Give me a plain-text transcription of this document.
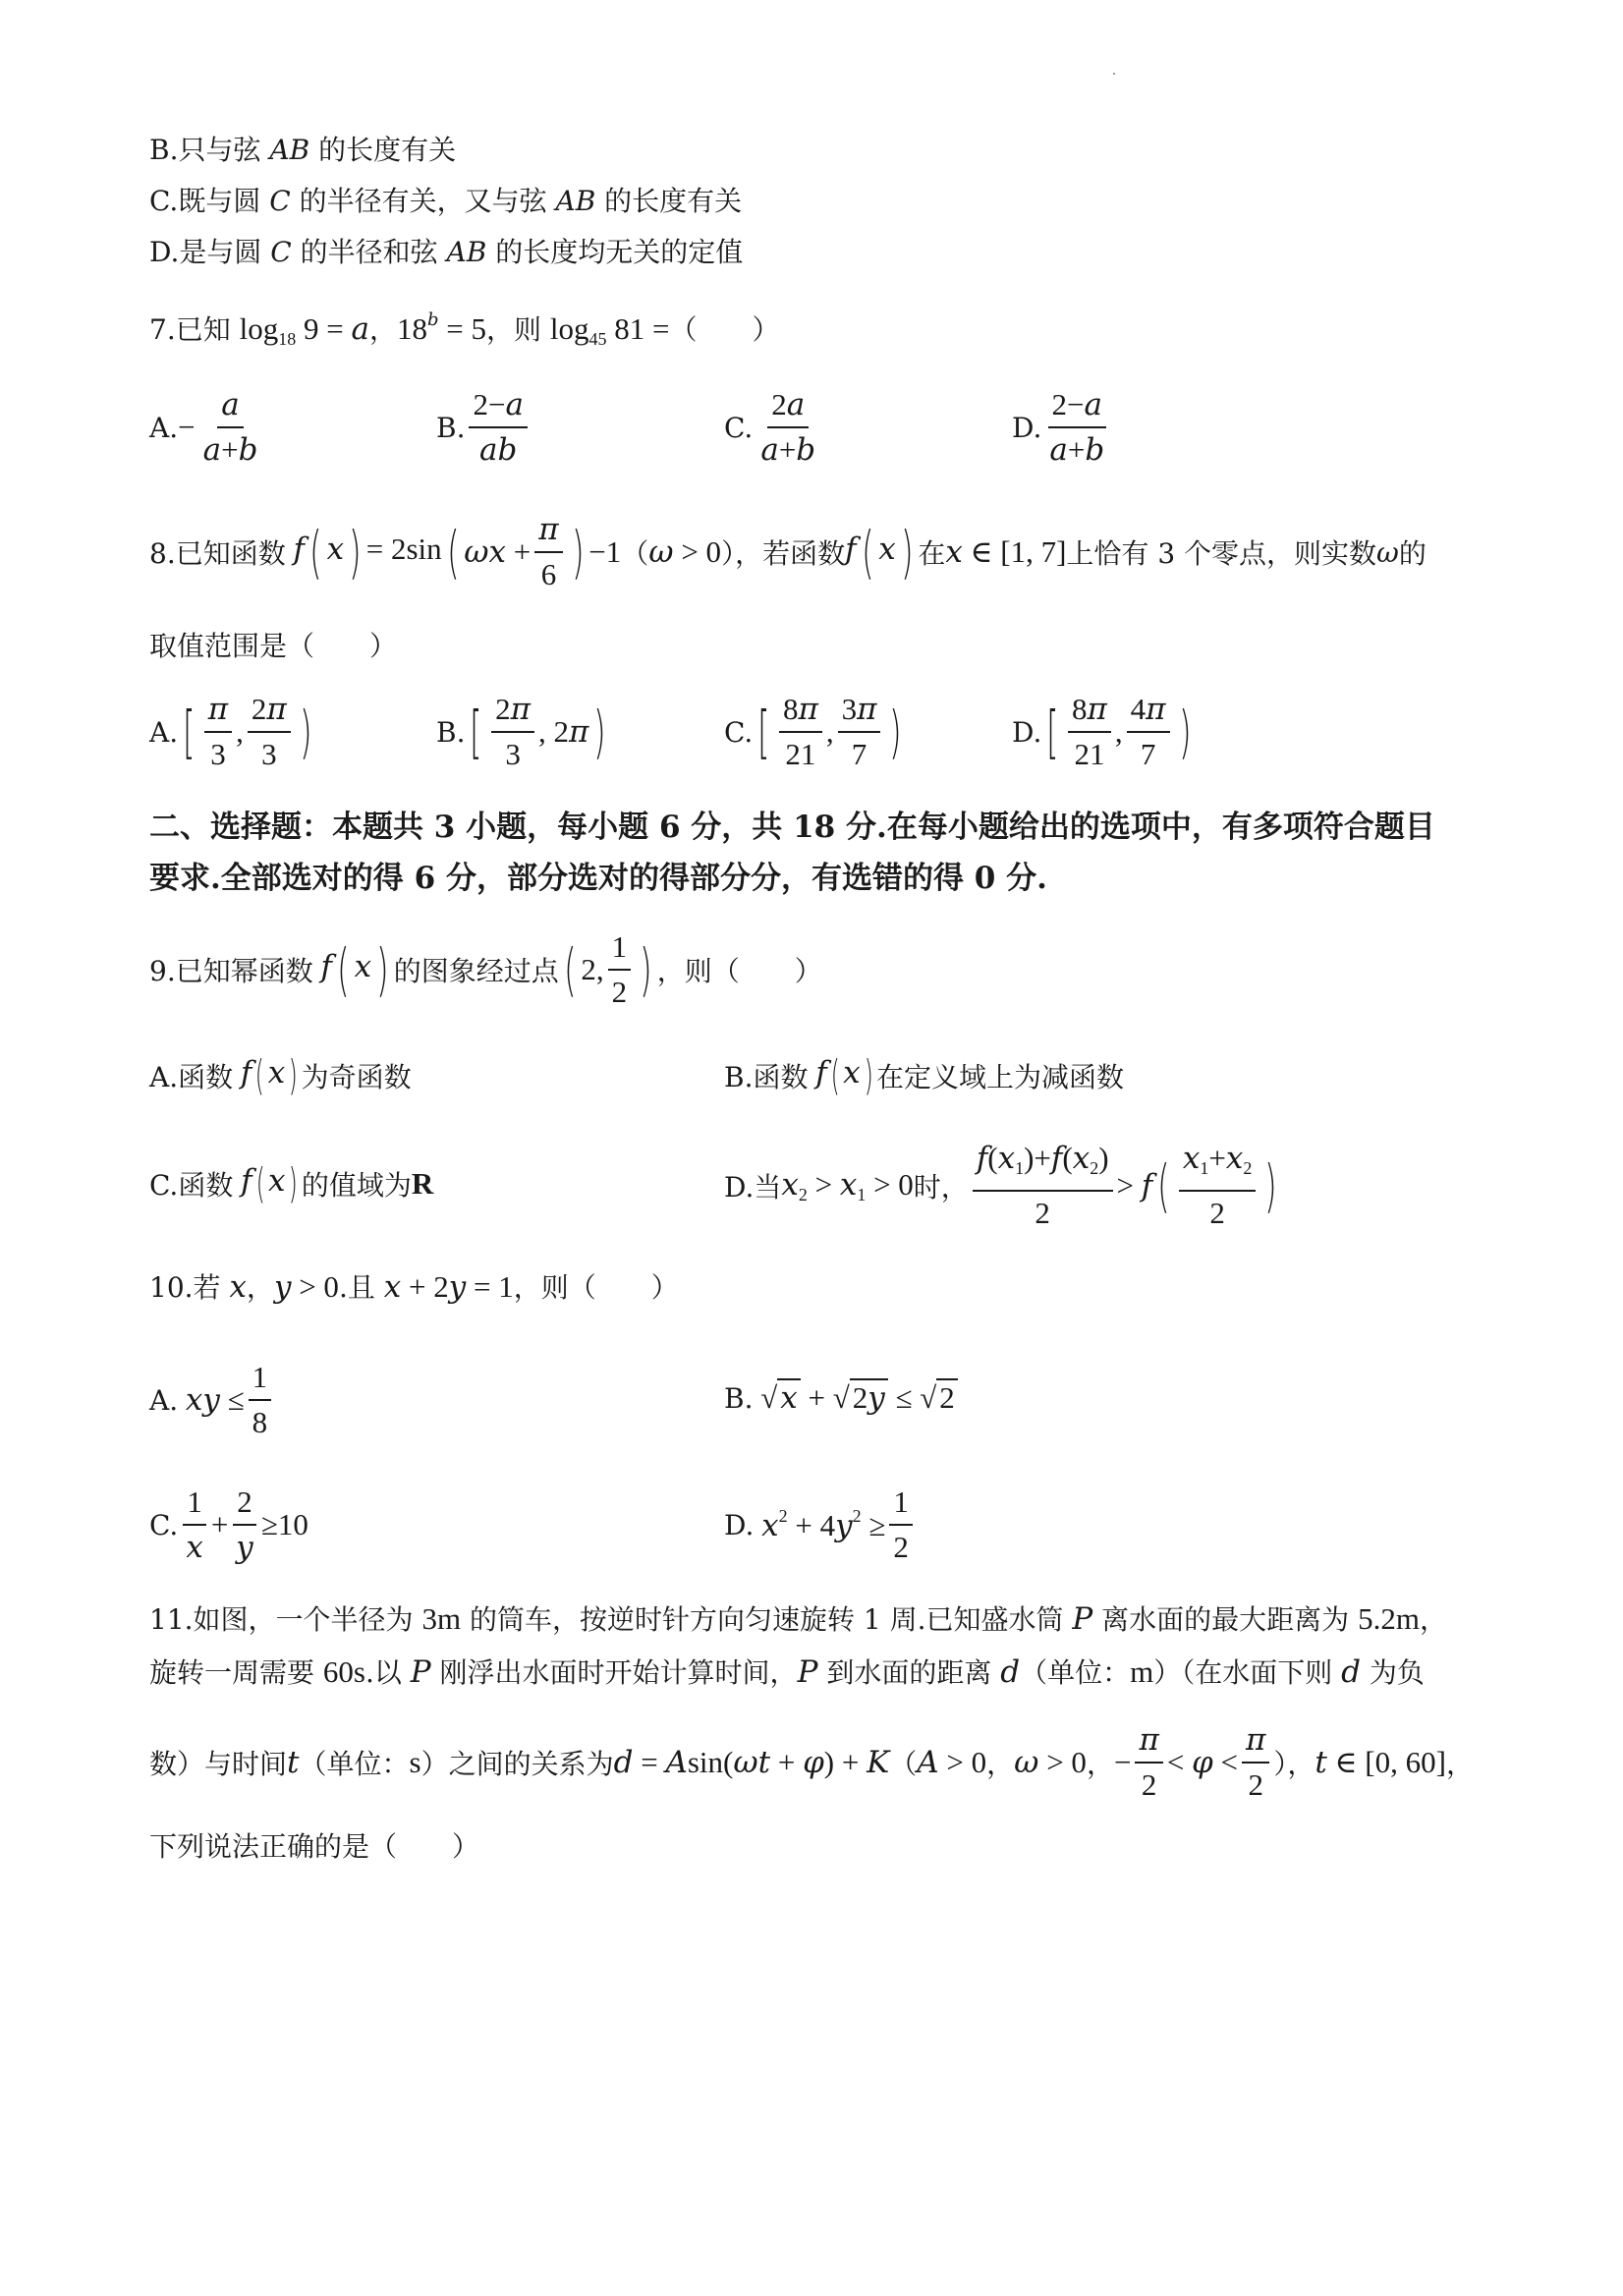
B.只与弦 AB 的长度有关
C.既与圆 C 的半径有关，又与弦 AB 的长度有关
D.是与圆 C 的半径和弦 AB 的长度均无关的定值
7.已知 $\log_{18} 9 = a$，$18^b = 5$，则 $\log_{45} 81$ =（　　）
A. − $\frac{a}{a+b}$	B. $\frac{2-a}{ab}$	C. $\frac{2a}{a+b}$	D. $\frac{2-a}{a+b}$
8.已知函数 f( x) = 2sin ( $\omega x + \frac{\pi}{6}$ ) −1 （ ω > 0 ），若函数 f( x) 在 x ∈ [1, 7] 上恰有 3 个零点，则实数 ω 的
取值范围是（　　）
A. [ $\frac{\pi}{3}$ , $\frac{2\pi}{3}$ )	B. [ $\frac{2\pi}{3}$ , 2π )	C. [ $\frac{8\pi}{21}$ , $\frac{3\pi}{7}$ )	D. [ $\frac{8\pi}{21}$ , $\frac{4\pi}{7}$ )
二、选择题：本题共 3 小题，每小题 6 分，共 18 分.在每小题给出的选项中，有多项符合题目
要求.全部选对的得 6 分，部分选对的得部分分，有选错的得 0 分.
9.已知幂函数 f( x) 的图象经过点 ( 2, $\frac{1}{2}$ ) ，则（　　）
A.函数 f( x) 为奇函数	B.函数 f( x) 在定义域上为减函数
C.函数 f( x) 的值域为 R	D.当 $x_2 > x_1 > 0$ 时， $\frac{f(x_1)+f(x_2)}{2} > f$ ( $\frac{x_1+x_2}{2}$ )
10.若 x，y > 0.且 x + 2y = 1，则（　　）
A. xy ≤ $\frac{1}{8}$	B. √x + √2y ≤ √2
C. $\frac{1}{x} + \frac{2}{y} \ge 10$	D. $x^2 + 4y^2 \ge \frac{1}{2}$
11.如图，一个半径为 3m 的筒车，按逆时针方向匀速旋转 1 周.已知盛水筒 P 离水面的最大距离为 5.2m，
旋转一周需要 60s.以 P 刚浮出水面时开始计算时间，P 到水面的距离 d（单位：m）（在水面下则 d 为负
数）与时间 t （单位： s ）之间的关系为 d = Asin(ωt + φ) + K （ A > 0 ， ω > 0 ， − $\frac{\pi}{2} < \varphi < \frac{\pi}{2}$ ）， t ∈ [0, 60] ，
下列说法正确的是（　　）
